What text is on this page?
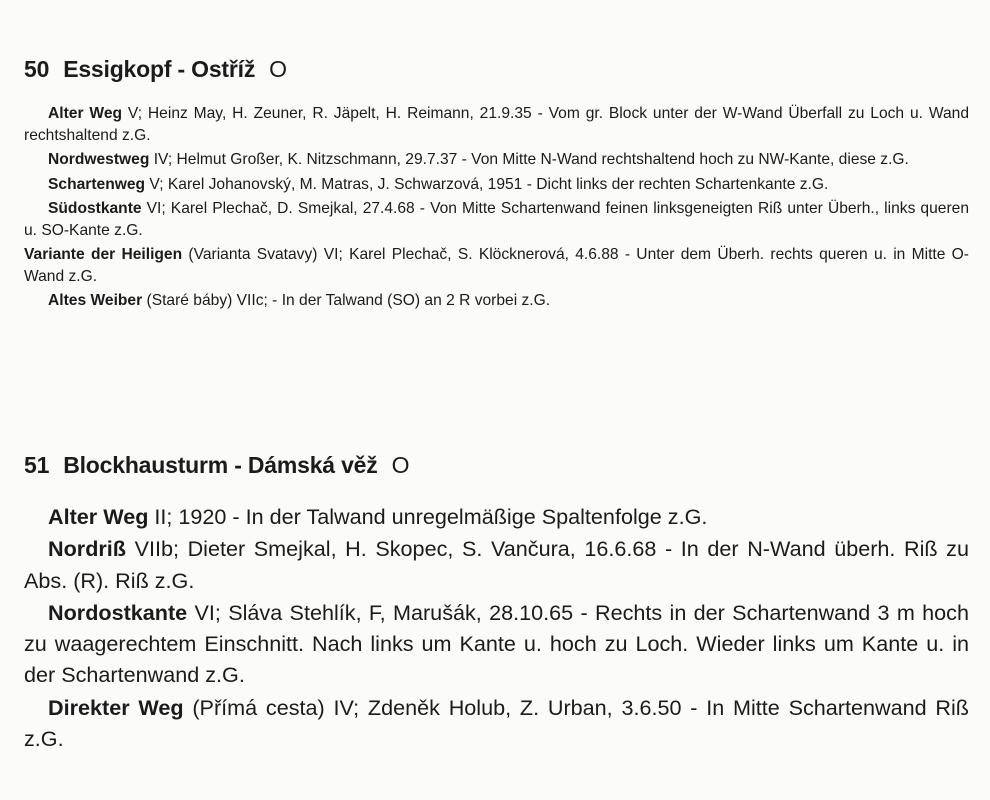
50 Essigkopf - Ostříž O

Alter Weg V; Heinz May, H. Zeuner, R. Jäpelt, H. Reimann, 21.9.35 - Vom gr. Block unter der W-Wand Überfall zu Loch u. Wand rechtshaltend z.G.

Nordwestweg IV; Helmut Großer, K. Nitzschmann, 29.7.37 - Von Mitte N-Wand rechtshaltend hoch zu NW-Kante, diese z.G.

Schartenweg V; Karel Johanovský, M. Matras, J. Schwarzová, 1951 - Dicht links der rechten Schartenkante z.G.

Südostkante VI; Karel Plechač, D. Smejkal, 27.4.68 - Von Mitte Schartenwand feinen linksgeneigten Riß unter Überh., links queren u. SO-Kante z.G.

Variante der Heiligen (Varianta Svatavy) VI; Karel Plechač, S. Klöcknerová, 4.6.88 - Unter dem Überh. rechts queren u. in Mitte O-Wand z.G.

Altes Weiber (Staré báby) VIIc; - In der Talwand (SO) an 2 R vorbei z.G.

51 Blockhausturm - Dámská věž O

Alter Weg II; 1920 - In der Talwand unregelmäßige Spaltenfolge z.G.

Nordriß VIIb; Dieter Smejkal, H. Skopec, S. Vančura, 16.6.68 - In der N-Wand überh. Riß zu Abs. (R). Riß z.G.

Nordostkante VI; Sláva Stehlík, F, Marušák, 28.10.65 - Rechts in der Schartenwand 3 m hoch zu waagerechtem Einschnitt. Nach links um Kante u. hoch zu Loch. Wieder links um Kante u. in der Schartenwand z.G.

Direkter Weg (Přímá cesta) IV; Zdeněk Holub, Z. Urban, 3.6.50 - In Mitte Schartenwand Riß z.G.
